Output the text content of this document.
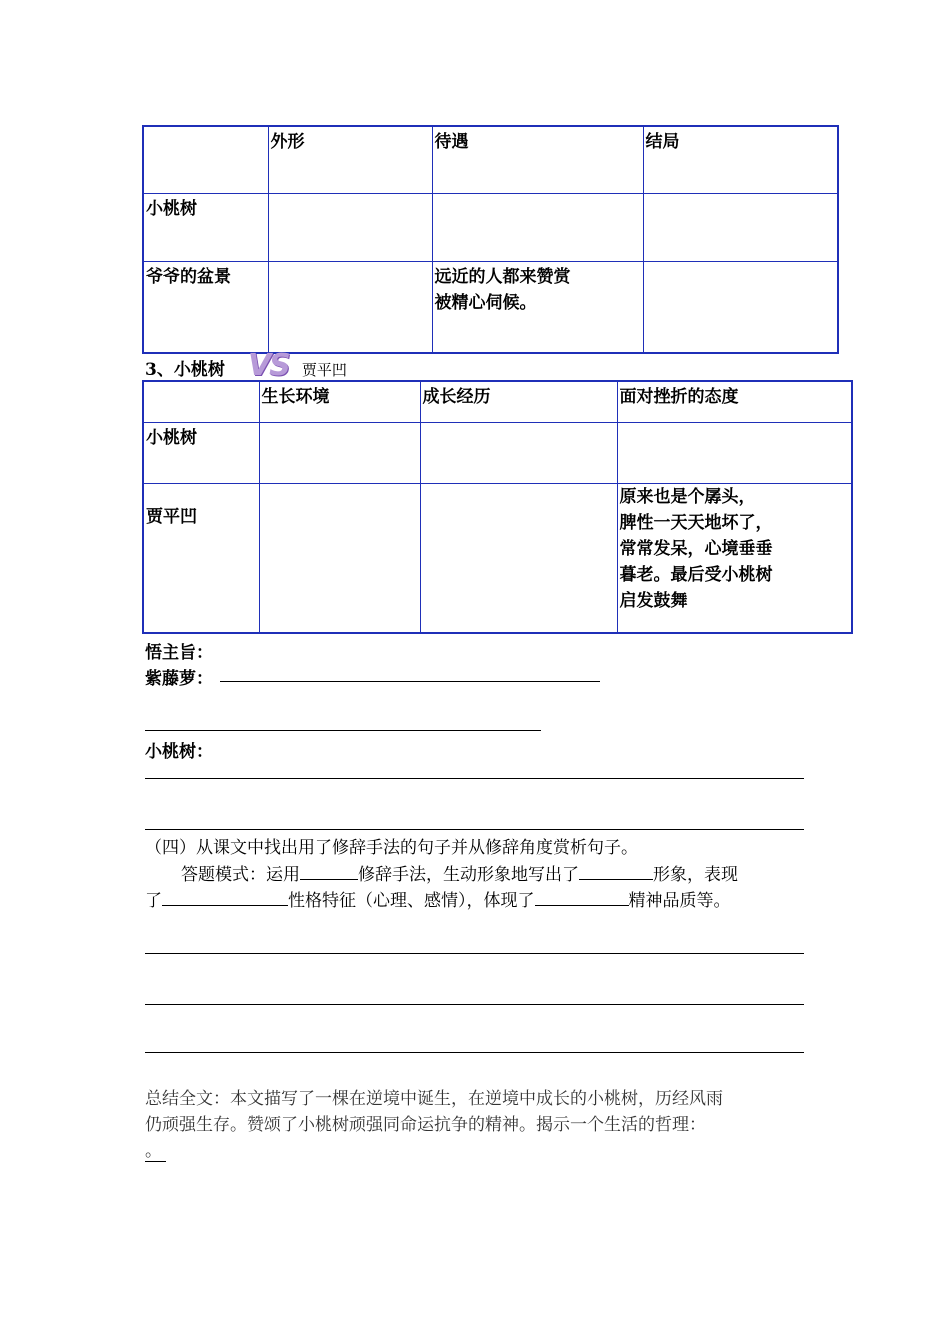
	外形	待遇	结局
小桃树			
爷爷的盆景		远近的人都来赞赏
被精心伺候。	
3、小桃树 VS 贾平凹
	生长环境	成长经历	面对挫折的态度
小桃树			
贾平凹			原来也是个孱头，
脾性一天天地坏了，
常常发呆，心境垂垂
暮老。最后受小桃树
启发鼓舞
悟主旨：
紫藤萝：
小桃树：
（四）从课文中找出用了修辞手法的句子并从修辞角度赏析句子。
答题模式：运用	修辞手法，生动形象地写出了	形象，表现
了	性格特征（心理、感情），体现了	精神品质等。
总结全文：本文描写了一棵在逆境中诞生，在逆境中成长的小桃树，历经风雨
仍顽强生存。赞颂了小桃树顽强同命运抗争的精神。揭示一个生活的哲理：
。
